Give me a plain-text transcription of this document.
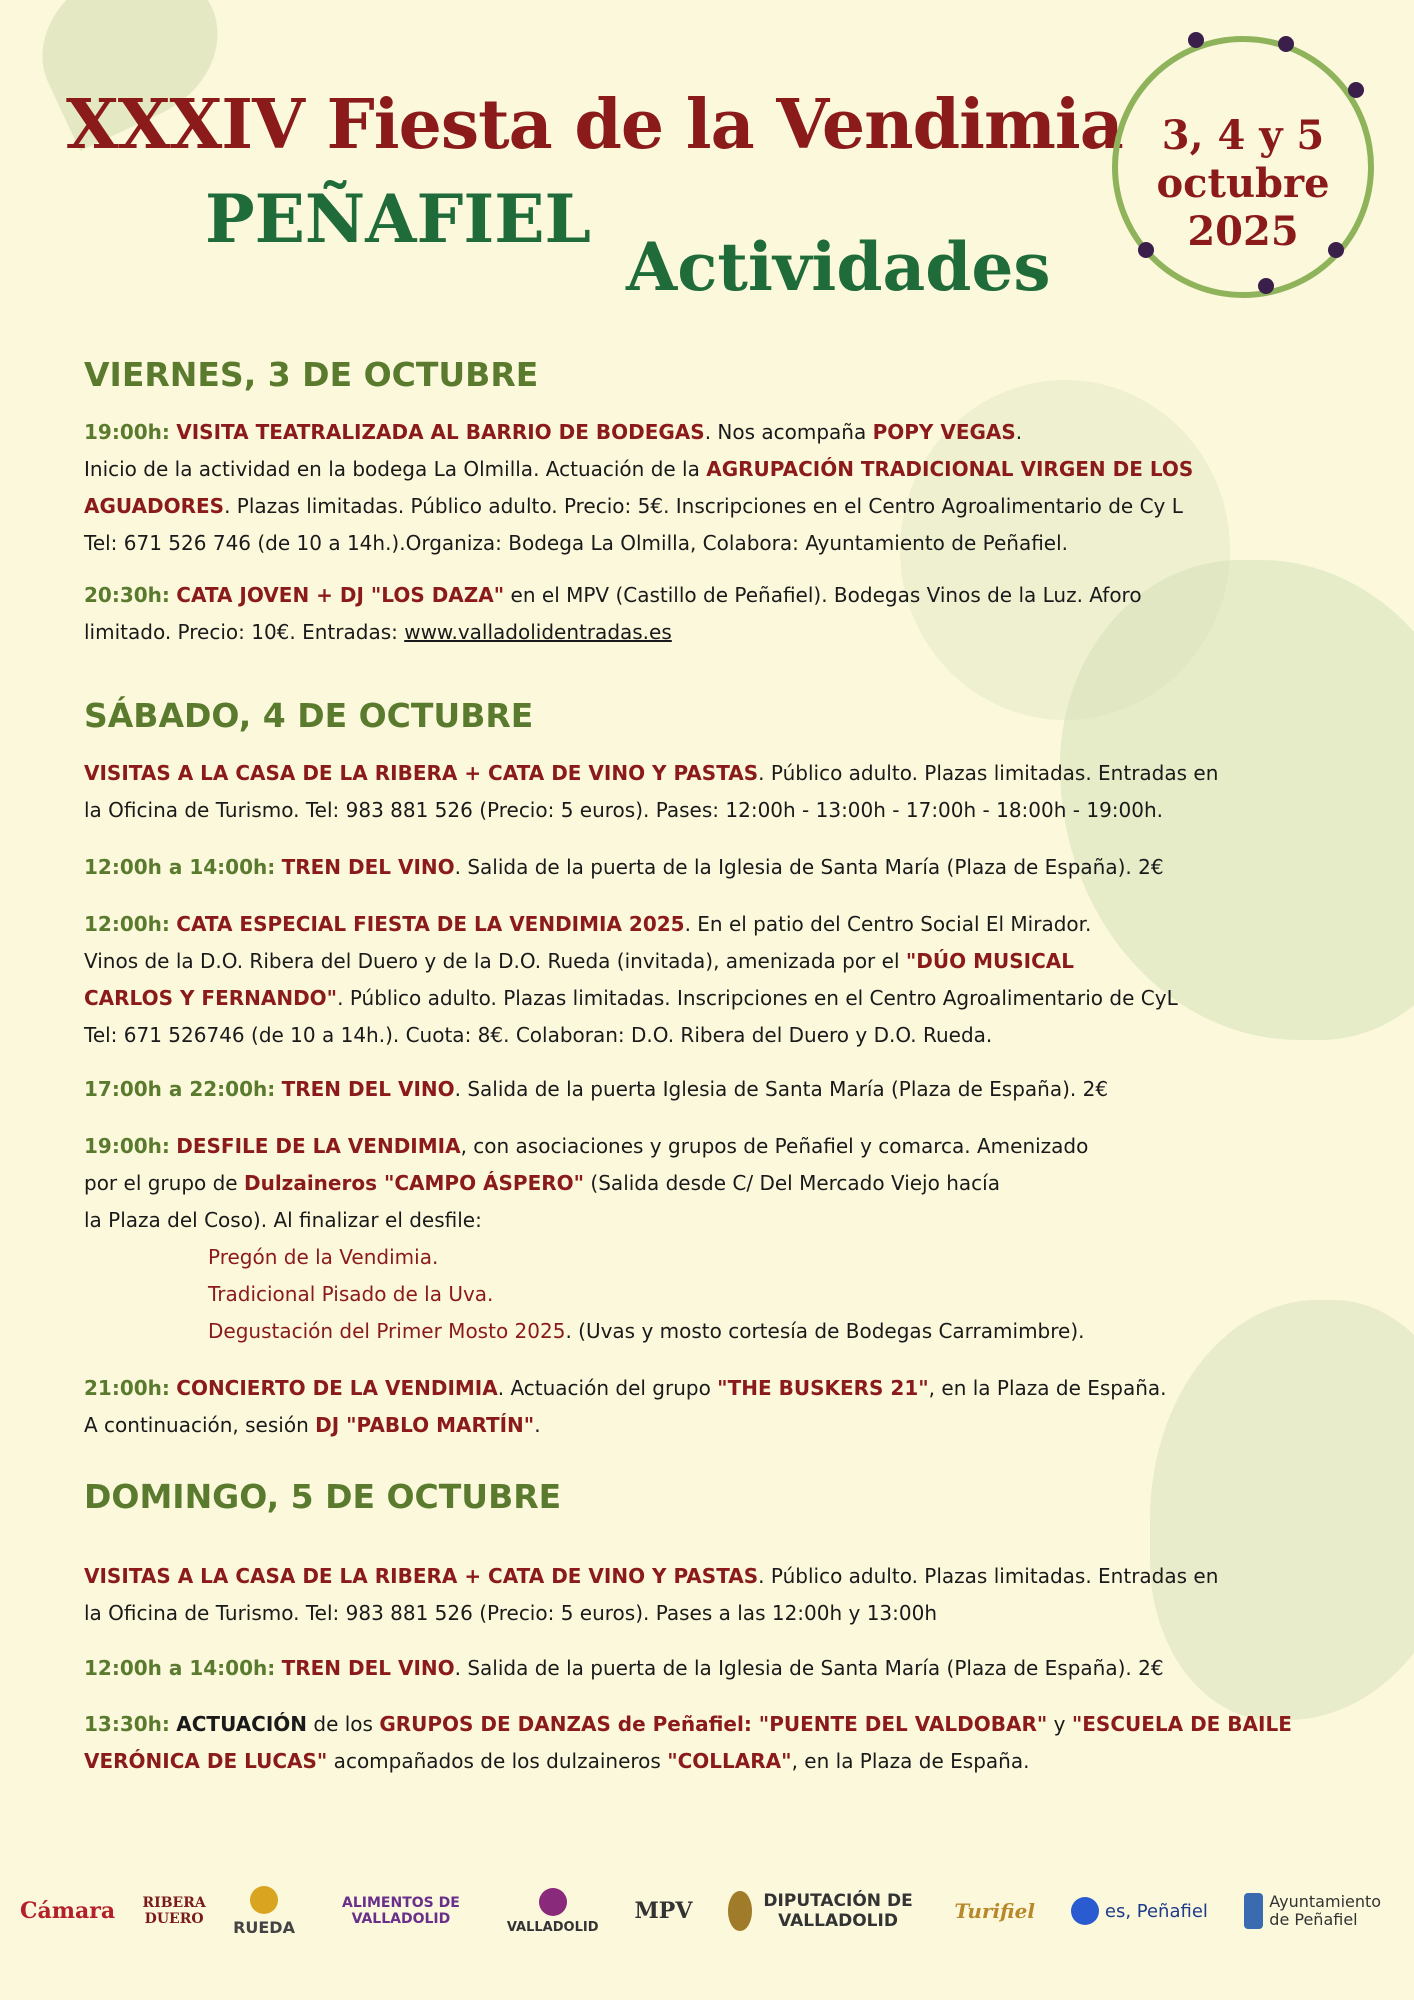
XXXIV Fiesta de la Vendimia
PEÑAFIEL
Actividades
3, 4 y 5
octubre
2025
VIERNES, 3 DE OCTUBRE
19:00h: VISITA TEATRALIZADA AL BARRIO DE BODEGAS. Nos acompaña POPY VEGAS.
Inicio de la actividad en la bodega La Olmilla. Actuación de la AGRUPACIÓN TRADICIONAL VIRGEN DE LOS
AGUADORES. Plazas limitadas. Público adulto. Precio: 5€. Inscripciones en el Centro Agroalimentario de Cy L
Tel: 671 526 746 (de 10 a 14h.).Organiza: Bodega La Olmilla, Colabora: Ayuntamiento de Peñafiel.
20:30h: CATA JOVEN + DJ "LOS DAZA" en el MPV (Castillo de Peñafiel). Bodegas Vinos de la Luz. Aforo
limitado. Precio: 10€. Entradas: www.valladolidentradas.es
SÁBADO, 4 DE OCTUBRE
VISITAS A LA CASA DE LA RIBERA + CATA DE VINO Y PASTAS. Público adulto. Plazas limitadas. Entradas en
la Oficina de Turismo. Tel: 983 881 526 (Precio: 5 euros). Pases: 12:00h - 13:00h - 17:00h - 18:00h - 19:00h.
12:00h a 14:00h: TREN DEL VINO. Salida de la puerta de la Iglesia de Santa María (Plaza de España). 2€
12:00h: CATA ESPECIAL FIESTA DE LA VENDIMIA 2025. En el patio del Centro Social El Mirador.
Vinos de la D.O. Ribera del Duero y de la D.O. Rueda (invitada), amenizada por el "DÚO MUSICAL
CARLOS Y FERNANDO". Público adulto. Plazas limitadas. Inscripciones en el Centro Agroalimentario de CyL
Tel: 671 526746 (de 10 a 14h.). Cuota: 8€. Colaboran: D.O. Ribera del Duero y D.O. Rueda.
17:00h a 22:00h: TREN DEL VINO. Salida de la puerta Iglesia de Santa María (Plaza de España). 2€
19:00h: DESFILE DE LA VENDIMIA, con asociaciones y grupos de Peñafiel y comarca. Amenizado
por el grupo de Dulzaineros "CAMPO ÁSPERO" (Salida desde C/ Del Mercado Viejo hacía
la Plaza del Coso). Al finalizar el desfile:
Pregón de la Vendimia.
Tradicional Pisado de la Uva.
Degustación del Primer Mosto 2025. (Uvas y mosto cortesía de Bodegas Carramimbre).
21:00h: CONCIERTO DE LA VENDIMIA. Actuación del grupo "THE BUSKERS 21", en la Plaza de España.
A continuación, sesión DJ "PABLO MARTÍN".
DOMINGO, 5 DE OCTUBRE
VISITAS A LA CASA DE LA RIBERA + CATA DE VINO Y PASTAS. Público adulto. Plazas limitadas. Entradas en
la Oficina de Turismo. Tel: 983 881 526 (Precio: 5 euros). Pases a las 12:00h y 13:00h
12:00h a 14:00h: TREN DEL VINO. Salida de la puerta de la Iglesia de Santa María (Plaza de España). 2€
13:30h: ACTUACIÓN de los GRUPOS DE DANZAS de Peñafiel: "PUENTE DEL VALDOBAR" y "ESCUELA DE BAILE
VERÓNICA DE LUCAS" acompañados de los dulzaineros "COLLARA", en la Plaza de España.
Cámara RIBERA DUERO RUEDA
ALIMENTOS DE VALLADOLID	VALLADOLID
MPV	DIPUTACIÓN DE VALLADOLID	Turifiel	es, Peñafiel	Ayuntamiento de Peñafiel
